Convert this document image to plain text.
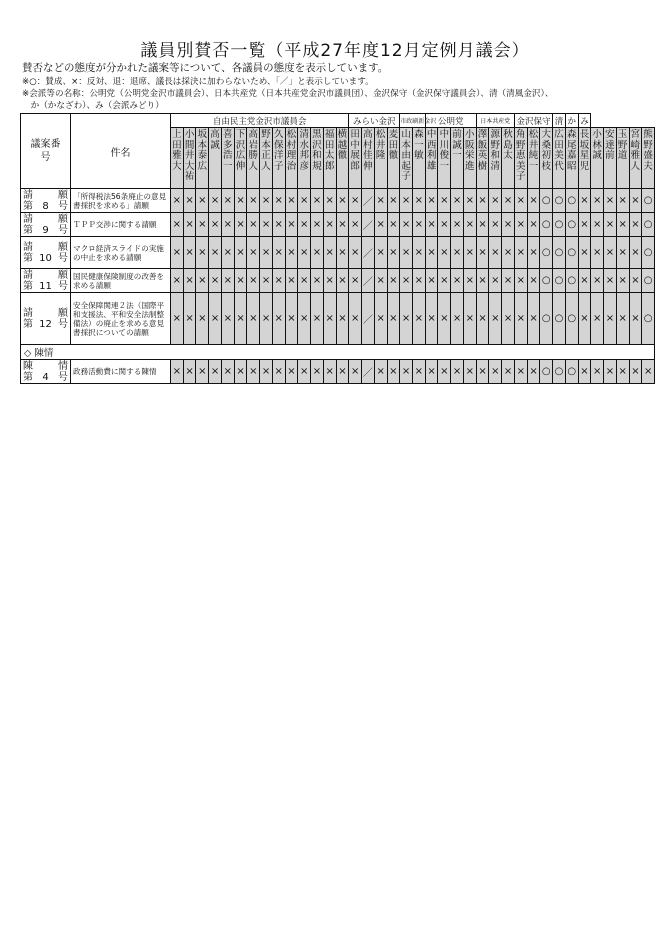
議員別賛否一覧（平成27年度12月定例月議会）
賛否などの態度が分かれた議案等について、各議員の態度を表示しています。
※○：賛成、×：反対、退：退席、議長は採決に加わらないため、「／」と表示しています。
※会派等の名称：公明党（公明党金沢市議員会）、日本共産党（日本共産党金沢市議員団）、金沢保守（金沢保守議員会）、清（清風金沢）、
　か（かなざわ）、み（会派みどり）
議案番号	件名	自由民主党金沢市議員会														みらい金沢				市政刷新金沢		公明党				日本共産党			金沢保守			清	か	み					
		上田雅大	小間井大祐	坂本泰広	高誠	喜多浩一	下沢広伸	高岩勝人	野本正人	久保洋子	松村理治	清水邦彦	黒沢和規	福田太郎	横越徹	田中展郎	高村佳伸	松井隆	麦田徹	山本由起子	森一敏	中西利雄	中川俊一	前誠一	小阪栄進	澤飯英樹	源野和清	秋島太	角野恵美子	松井純一	大桑初枝	広田美代	森尾嘉昭	長坂星児	小林誠	安達前	玉野道	宮崎雅人	熊野盛夫

請 願
第 8 号	「所得税法56条廃止の意見書採択を求める」請願	×	×	×	×	×	×	×	×	×	×	×	×	×	×	×	／	×	×	×	×	×	×	×	×	×	×	×	×	×	○	○	○	×	×	×	×	×	○

請 願
第 9 号	ＴＰＰ交渉に関する請願	×	×	×	×	×	×	×	×	×	×	×	×	×	×	×	／	×	×	×	×	×	×	×	×	×	×	×	×	×	○	○	○	×	×	×	×	×	○

請 願
第 10 号	マクロ経済スライドの実施の中止を求める請願	×	×	×	×	×	×	×	×	×	×	×	×	×	×	×	／	×	×	×	×	×	×	×	×	×	×	×	×	×	○	○	○	×	×	×	×	×	○

請 願
第 11 号	国民健康保険制度の改善を求める請願	×	×	×	×	×	×	×	×	×	×	×	×	×	×	×	／	×	×	×	×	×	×	×	×	×	×	×	×	×	○	○	○	×	×	×	×	×	○

請 願
第 12 号	安全保障関連２法（国際平和支援法、平和安全法制整備法）の廃止を求める意見書採択についての請願	×	×	×	×	×	×	×	×	×	×	×	×	×	×	×	／	×	×	×	×	×	×	×	×	×	×	×	×	×	○	○	○	×	×	×	×	×	○
◇ 陳情																																							

陳 情
第 4 号	政務活動費に関する陳情	×	×	×	×	×	×	×	×	×	×	×	×	×	×	×	／	×	×	×	×	×	×	×	×	×	×	×	×	×	○	○	○	×	×	×	×	×	×
